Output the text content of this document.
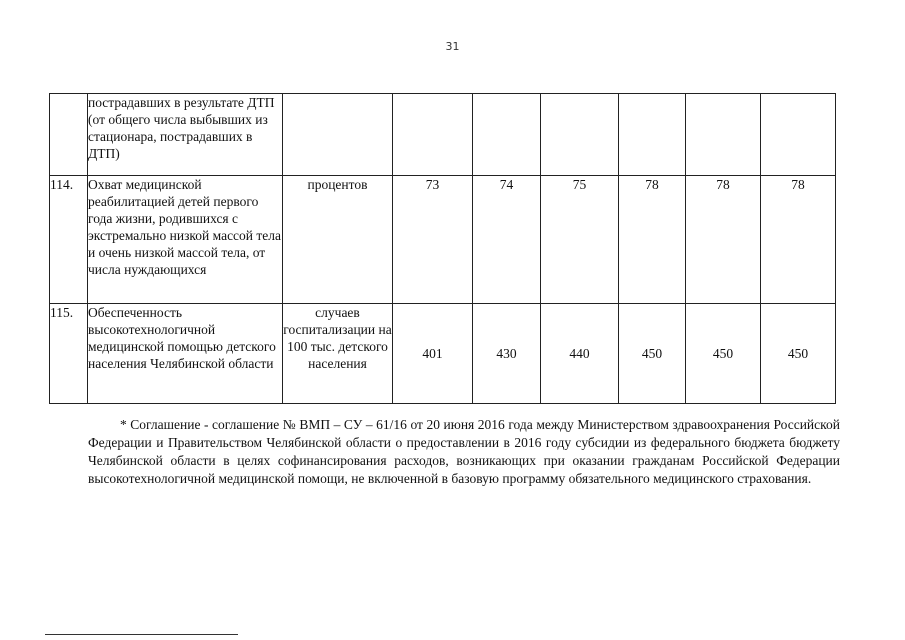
31
	пострадавших в результате ДТП (от общего числа выбывших из стационара, пострадавших в ДТП)							
114.	Охват медицинской реабилитацией детей первого года жизни, родившихся с экстремально низкой массой тела и очень низкой массой тела, от числа нуждающихся	процентов	73	74	75	78	78	78
115.	Обеспеченность высокотехнологичной медицинской помощью детского населения Челябинской области	случаев госпитализации на 100 тыс. детского населения	401	430	440	450	450	450
* Соглашение - соглашение № ВМП – СУ – 61/16 от 20 июня 2016 года между Министерством здравоохранения Российской Федерации и Правительством Челябинской области о предоставлении в 2016 году субсидии из федерального бюджета бюджету Челябинской области в целях софинансирования расходов, возникающих при оказании гражданам Российской Федерации высокотехнологичной медицинской помощи, не включенной в базовую программу обязательного медицинского страхования.
